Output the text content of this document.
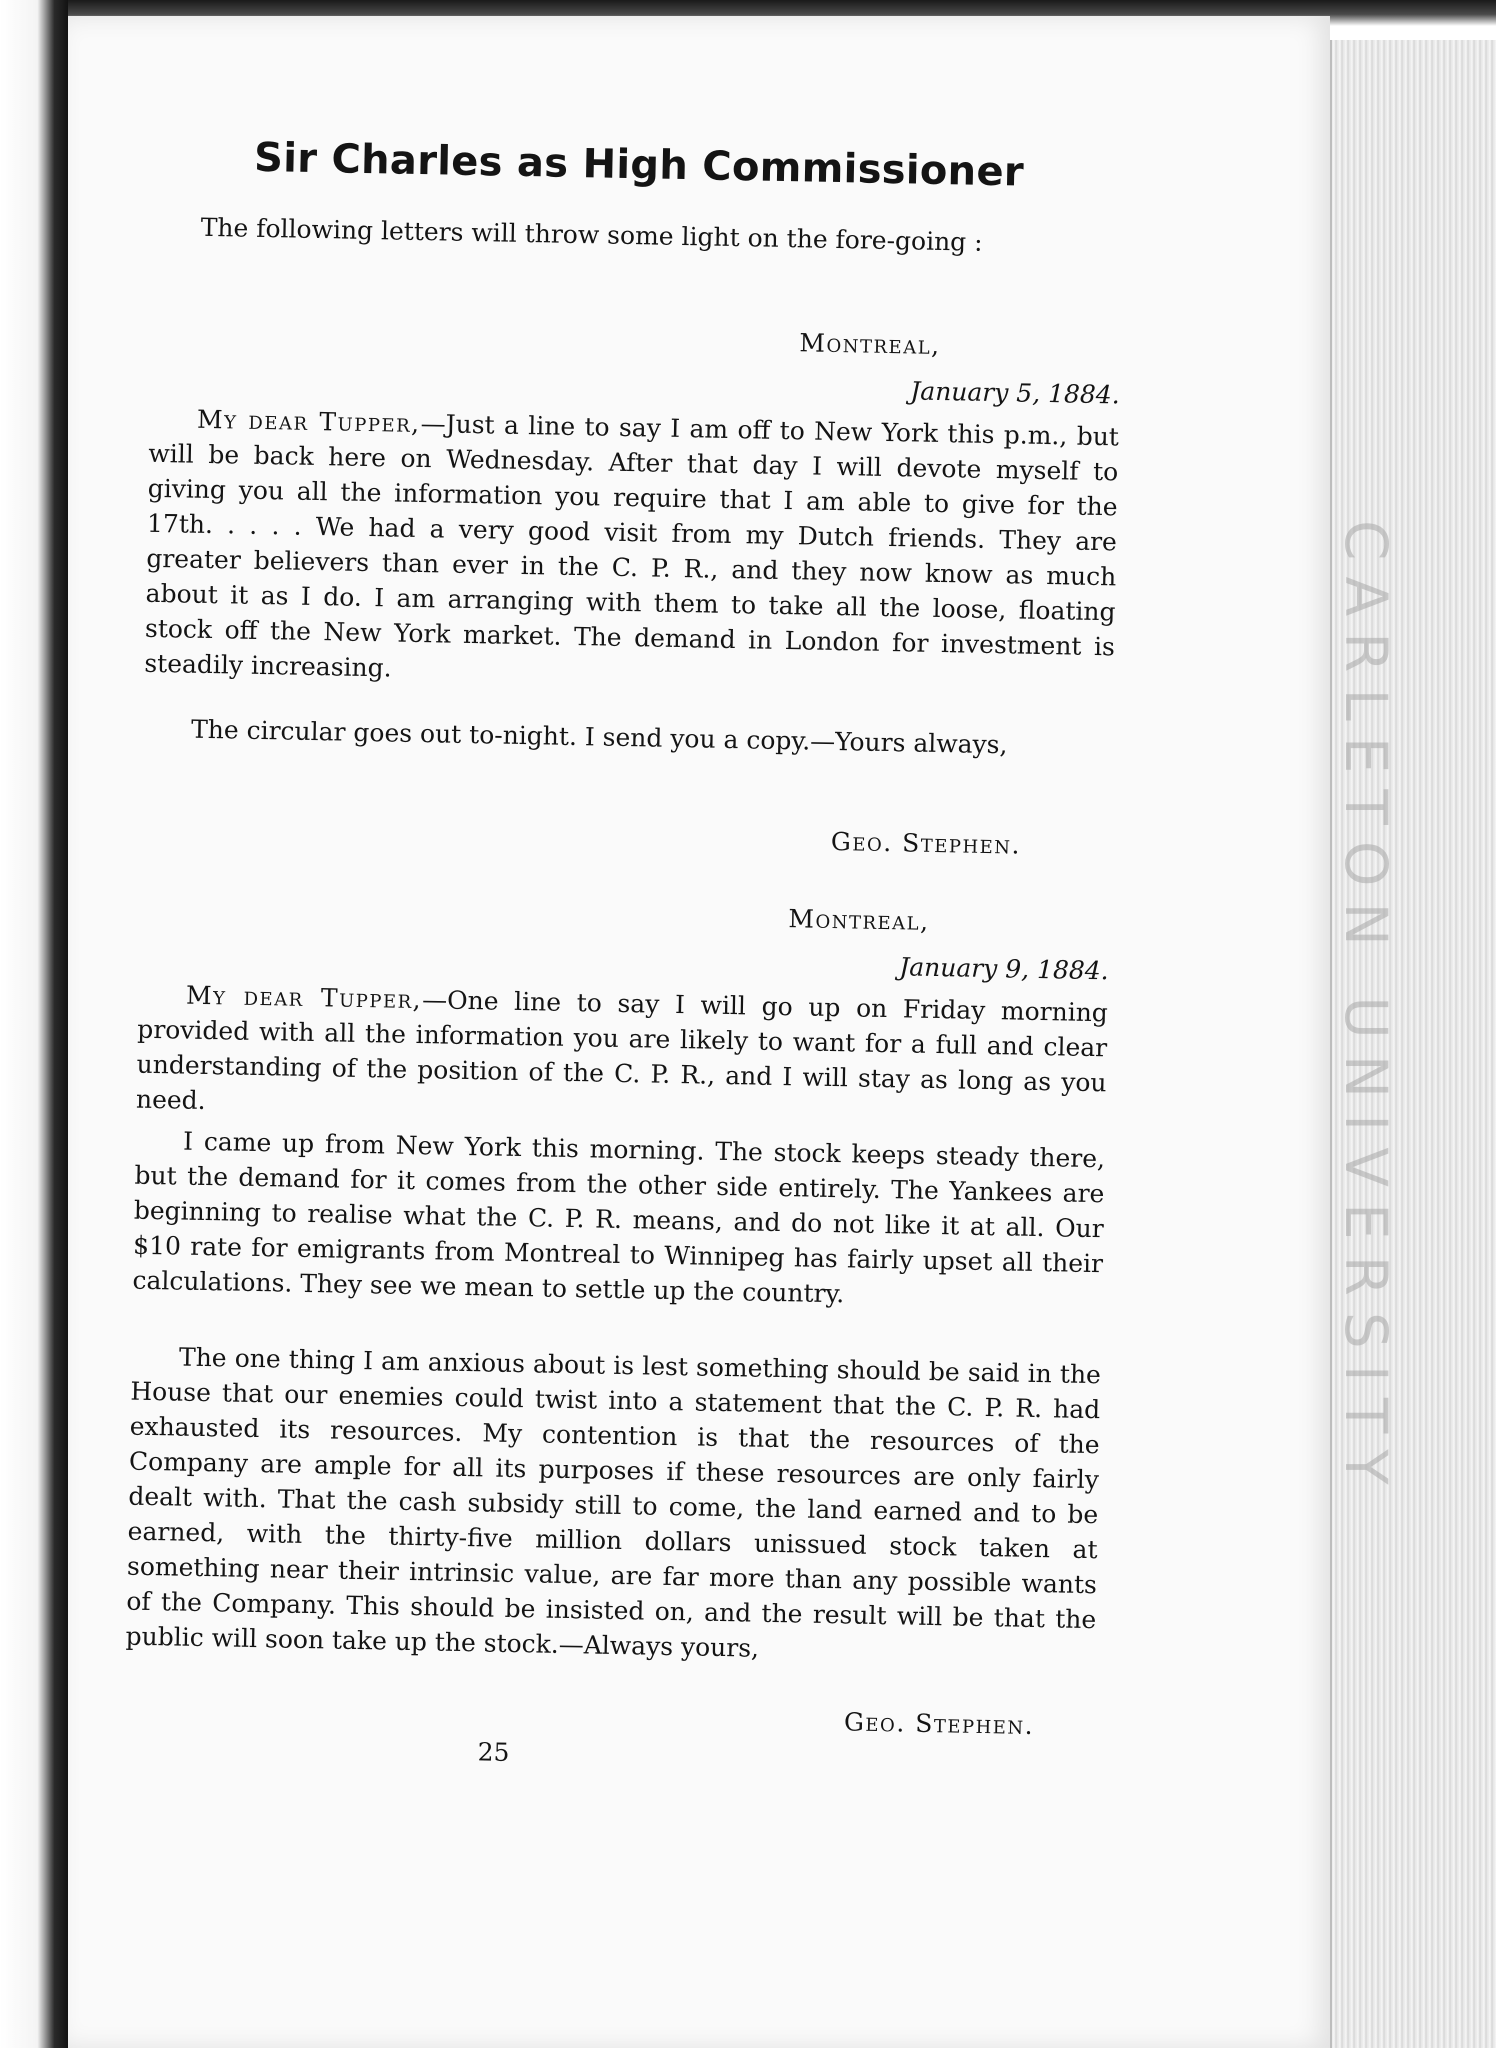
CARLETON UNIVERSITY
Sir Charles as High Commissioner
The following letters will throw some light on the fore-going :
Montreal,
January 5, 1884.
My dear Tupper,—Just a line to say I am off to New York this p.m., but will be back here on Wednesday. After that day I will devote myself to giving you all the information you require that I am able to give for the 17th. . . . . We had a very good visit from my Dutch friends. They are greater believers than ever in the C. P. R., and they now know as much about it as I do. I am arranging with them to take all the loose, floating stock off the New York market. The demand in London for investment is steadily increasing.
The circular goes out to-night. I send you a copy.—Yours always,
Geo. Stephen.
Montreal,
January 9, 1884.
My dear Tupper,—One line to say I will go up on Friday morning provided with all the information you are likely to want for a full and clear understanding of the position of the C. P. R., and I will stay as long as you need.
I came up from New York this morning. The stock keeps steady there, but the demand for it comes from the other side entirely. The Yankees are beginning to realise what the C. P. R. means, and do not like it at all. Our $10 rate for emigrants from Montreal to Winnipeg has fairly upset all their calculations. They see we mean to settle up the country.
The one thing I am anxious about is lest something should be said in the House that our enemies could twist into a statement that the C. P. R. had exhausted its resources. My contention is that the resources of the Company are ample for all its purposes if these resources are only fairly dealt with. That the cash subsidy still to come, the land earned and to be earned, with the thirty-five million dollars unissued stock taken at something near their intrinsic value, are far more than any possible wants of the Company. This should be insisted on, and the result will be that the public will soon take up the stock.—Always yours,
Geo. Stephen.
25
